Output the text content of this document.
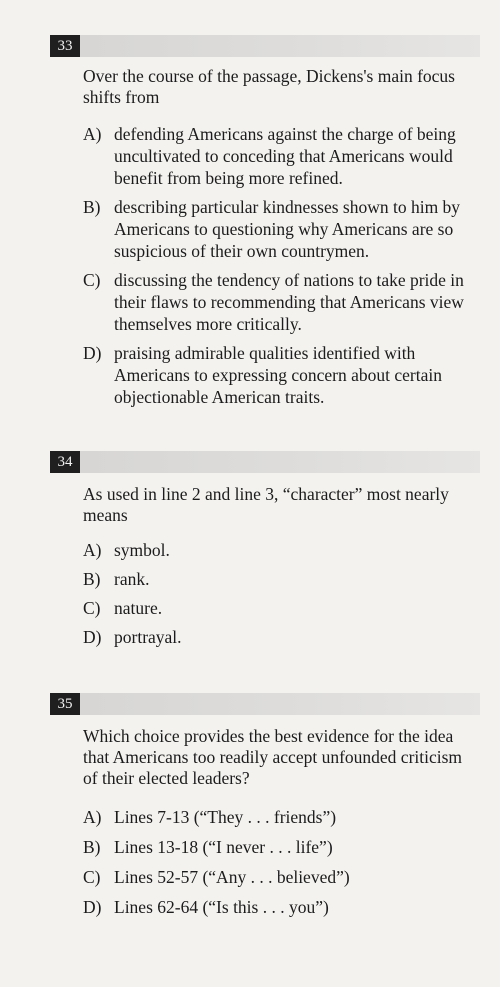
33
Over the course of the passage, Dickens's main focus shifts from
A) defending Americans against the charge of being uncultivated to conceding that Americans would benefit from being more refined.
B) describing particular kindnesses shown to him by Americans to questioning why Americans are so suspicious of their own countrymen.
C) discussing the tendency of nations to take pride in their flaws to recommending that Americans view themselves more critically.
D) praising admirable qualities identified with Americans to expressing concern about certain objectionable American traits.
34
As used in line 2 and line 3, “character” most nearly means
A) symbol.
B) rank.
C) nature.
D) portrayal.
35
Which choice provides the best evidence for the idea that Americans too readily accept unfounded criticism of their elected leaders?
A) Lines 7-13 (“They . . . friends”)
B) Lines 13-18 (“I never . . . life”)
C) Lines 52-57 (“Any . . . believed”)
D) Lines 62-64 (“Is this . . . you”)
